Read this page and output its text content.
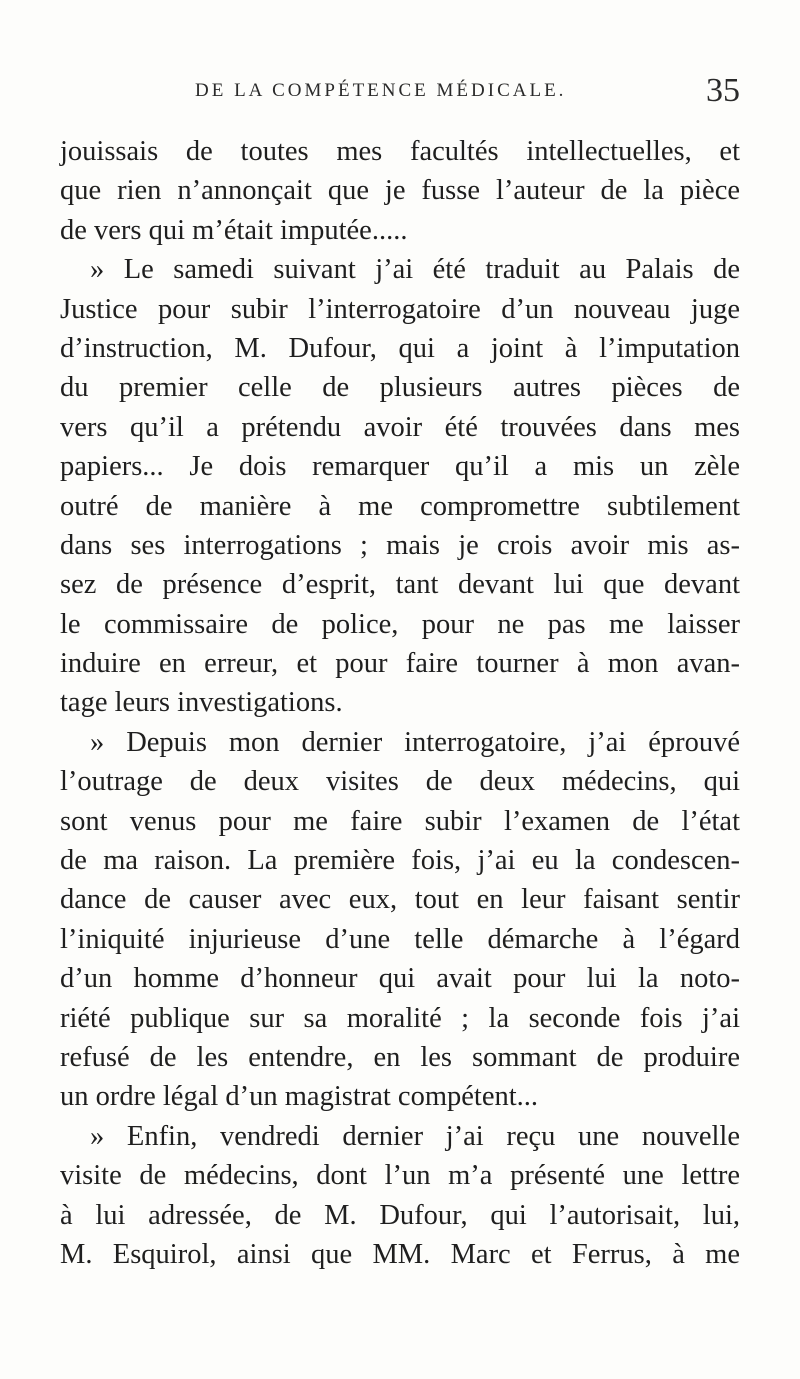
DE LA COMPÉTENCE MÉDICALE.	35
jouissais de toutes mes facultés intellectuelles, et
que rien n’annonçait que je fusse l’auteur de la pièce
de vers qui m’était imputée.....
» Le samedi suivant j’ai été traduit au Palais de
Justice pour subir l’interrogatoire d’un nouveau juge
d’instruction, M. Dufour, qui a joint à l’imputation
du premier celle de plusieurs autres pièces de
vers qu’il a prétendu avoir été trouvées dans mes
papiers... Je dois remarquer qu’il a mis un zèle
outré de manière à me compromettre subtilement
dans ses interrogations ; mais je crois avoir mis as-
sez de présence d’esprit, tant devant lui que devant
le commissaire de police, pour ne pas me laisser
induire en erreur, et pour faire tourner à mon avan-
tage leurs investigations.
» Depuis mon dernier interrogatoire, j’ai éprouvé
l’outrage de deux visites de deux médecins, qui
sont venus pour me faire subir l’examen de l’état
de ma raison. La première fois, j’ai eu la condescen-
dance de causer avec eux, tout en leur faisant sentir
l’iniquité injurieuse d’une telle démarche à l’égard
d’un homme d’honneur qui avait pour lui la noto-
riété publique sur sa moralité ; la seconde fois j’ai
refusé de les entendre, en les sommant de produire
un ordre légal d’un magistrat compétent...
» Enfin, vendredi dernier j’ai reçu une nouvelle
visite de médecins, dont l’un m’a présenté une lettre
à lui adressée, de M. Dufour, qui l’autorisait, lui,
M. Esquirol, ainsi que MM. Marc et Ferrus, à me
